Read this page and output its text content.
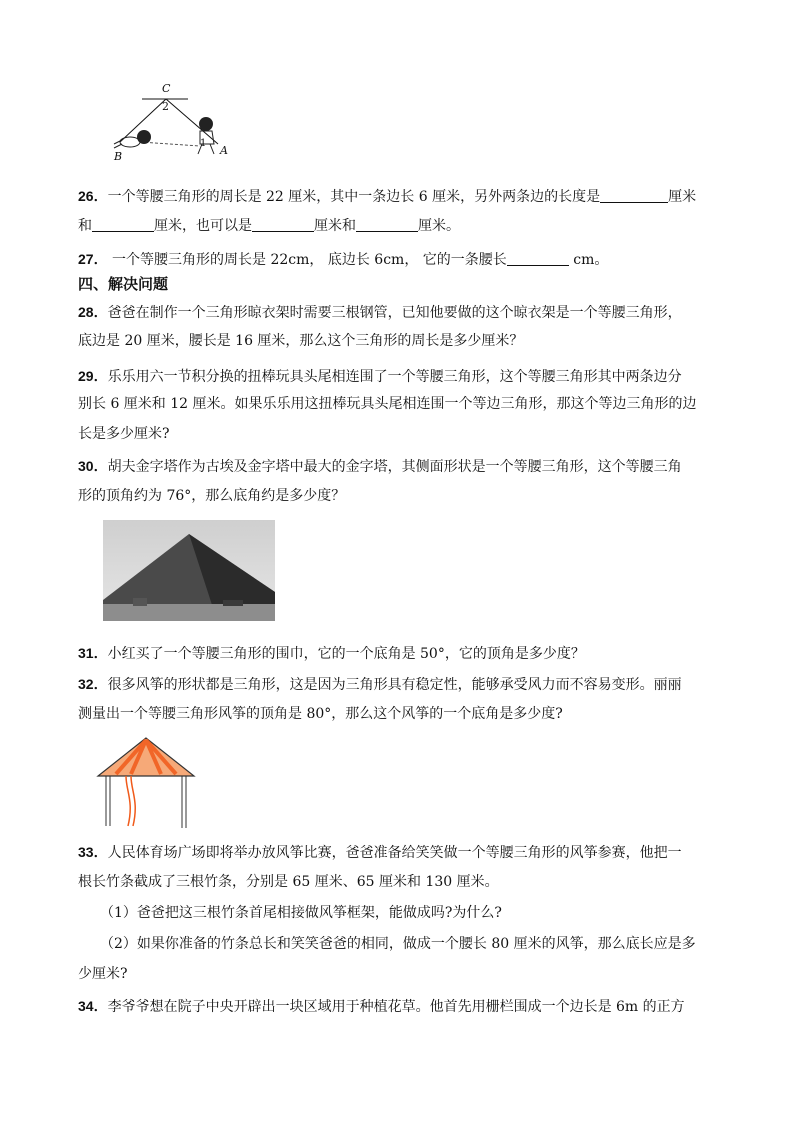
C
2
B	A
1
26．一个等腰三角形的周长是 22 厘米，其中一条边长 6 厘米，另外两条边的长度是	厘米
和	厘米，也可以是	厘米和	厘米。
27． 一个等腰三角形的周长是 22cm， 底边长 6cm， 它的一条腰长	cm。
四、解决问题
28．爸爸在制作一个三角形晾衣架时需要三根钢管，已知他要做的这个晾衣架是一个等腰三角形，
底边是 20 厘米，腰长是 16 厘米，那么这个三角形的周长是多少厘米？
29．乐乐用六一节积分换的扭棒玩具头尾相连围了一个等腰三角形，这个等腰三角形其中两条边分
别长 6 厘米和 12 厘米。如果乐乐用这扭棒玩具头尾相连围一个等边三角形，那这个等边三角形的边
长是多少厘米?
30．胡夫金字塔作为古埃及金字塔中最大的金字塔，其侧面形状是一个等腰三角形，这个等腰三角
形的顶角约为 76°，那么底角约是多少度？
31．小红买了一个等腰三角形的围巾，它的一个底角是 50°，它的顶角是多少度？
32．很多风筝的形状都是三角形，这是因为三角形具有稳定性，能够承受风力而不容易变形。丽丽
测量出一个等腰三角形风筝的顶角是 80°，那么这个风筝的一个底角是多少度?
33．人民体育场广场即将举办放风筝比赛，爸爸准备给笑笑做一个等腰三角形的风筝参赛，他把一
根长竹条截成了三根竹条，分别是 65 厘米、65 厘米和 130 厘米。
（1）爸爸把这三根竹条首尾相接做风筝框架，能做成吗?为什么?
（2）如果你准备的竹条总长和笑笑爸爸的相同，做成一个腰长 80 厘米的风筝，那么底长应是多
少厘米?
34．李爷爷想在院子中央开辟出一块区域用于种植花草。他首先用栅栏围成一个边长是 6m 的正方
